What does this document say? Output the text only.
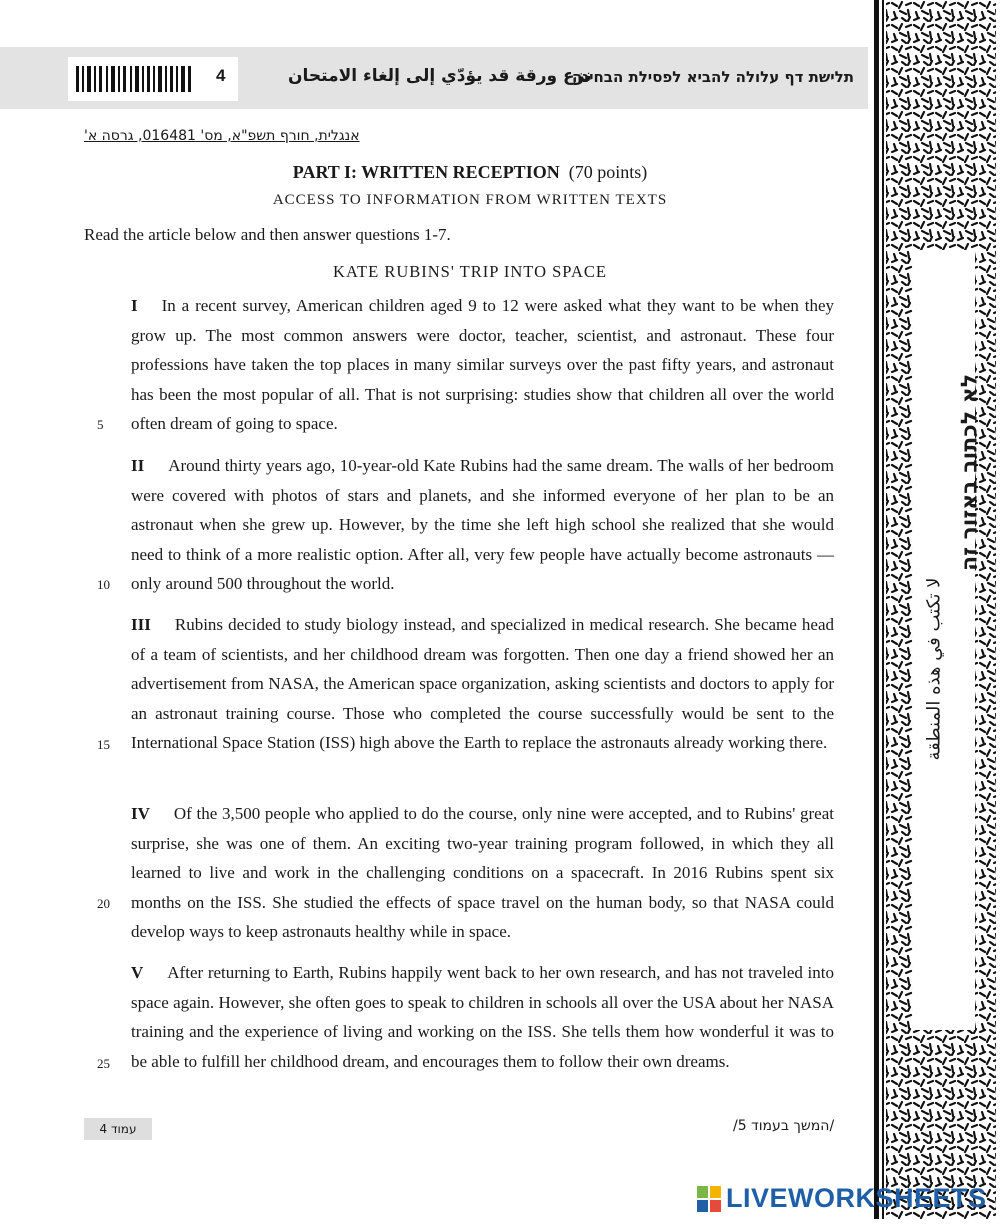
4	نزع ورقة قد يؤدّي إلى إلغاء الامتحان
תלישת דף עלולה להביא לפסילת הבחינה
אנגלית, חורף תשפ"א, מס' 016481, גרסה א'
PART I: WRITTEN RECEPTION (70 points)
ACCESS TO INFORMATION FROM WRITTEN TEXTS
Read the article below and then answer questions 1-7.
KATE RUBINS' TRIP INTO SPACE
I In a recent survey, American children aged 9 to 12 were asked what they want to be when they grow up. The most common answers were doctor, teacher, scientist, and astronaut. These four professions have taken the top places in many similar surveys over the past fifty years, and astronaut has been the most popular of all. That is not surprising: studies show that children all over the world often dream of going to space.
II Around thirty years ago, 10-year-old Kate Rubins had the same dream. The walls of her bedroom were covered with photos of stars and planets, and she informed everyone of her plan to be an astronaut when she grew up. However, by the time she left high school she realized that she would need to think of a more realistic option. After all, very few people have actually become astronauts — only around 500 throughout the world.
III Rubins decided to study biology instead, and specialized in medical research. She became head of a team of scientists, and her childhood dream was forgotten. Then one day a friend showed her an advertisement from NASA, the American space organization, asking scientists and doctors to apply for an astronaut training course. Those who completed the course successfully would be sent to the International Space Station (ISS) high above the Earth to replace the astronauts already working there.
IV Of the 3,500 people who applied to do the course, only nine were accepted, and to Rubins' great surprise, she was one of them. An exciting two-year training program followed, in which they all learned to live and work in the challenging conditions on a spacecraft. In 2016 Rubins spent six months on the ISS. She studied the effects of space travel on the human body, so that NASA could develop ways to keep astronauts healthy while in space.
V After returning to Earth, Rubins happily went back to her own research, and has not traveled into space again. However, she often goes to speak to children in schools all over the USA about her NASA training and the experience of living and working on the ISS. She tells them how wonderful it was to be able to fulfill her childhood dream, and encourages them to follow their own dreams.
5
10
15
20
25
עמוד 4	/המשך בעמוד 5/
לא לכתוב באזור זה
لا تكتب في هذه المنطقة
LIVEWORKSHEETS
